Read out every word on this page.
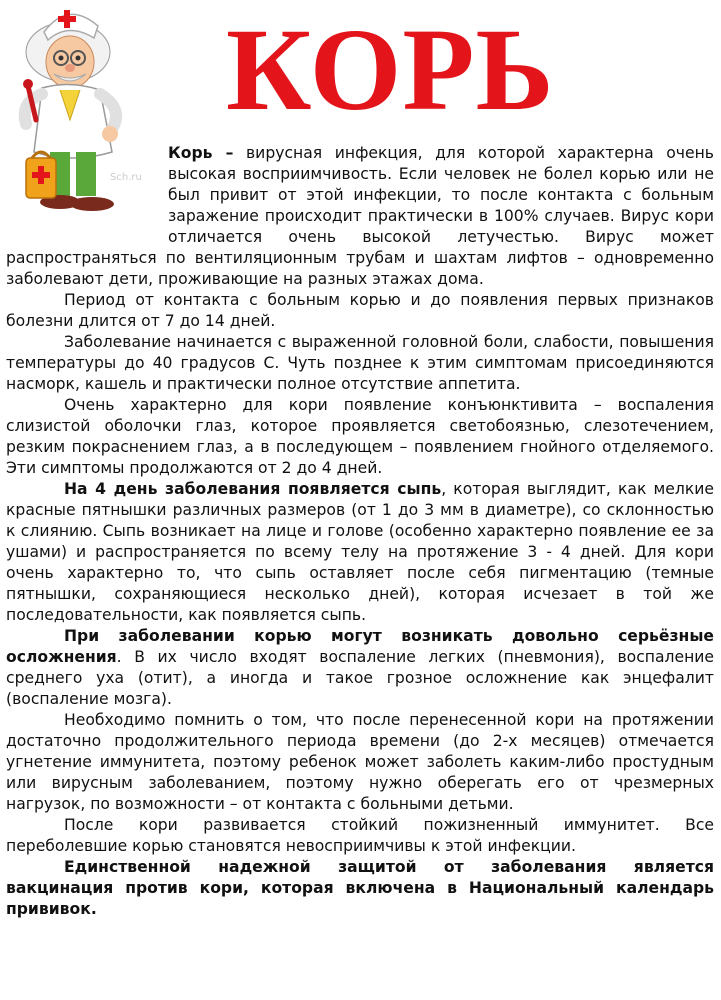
КОРЬ
Sch.ru

Корь – вирусная инфекция, для которой характерна очень высокая восприимчивость. Если человек не болел корью или не был привит от этой инфекции, то после контакта с больным заражение происходит практически в 100% случаев. Вирус кори отличается очень высокой летучестью. Вирус может распространяться по вентиляционным трубам и шахтам лифтов – одновременно заболевают дети, проживающие на разных этажах дома.

Период от контакта с больным корью и до появления первых признаков болезни длится от 7 до 14 дней.

Заболевание начинается с выраженной головной боли, слабости, повышения температуры до 40 градусов С. Чуть позднее к этим симптомам присоединяются насморк, кашель и практически полное отсутствие аппетита.

Очень характерно для кори появление конъюнктивита – воспаления слизистой оболочки глаз, которое проявляется светобоязнью, слезотечением, резким покраснением глаз, а в последующем – появлением гнойного отделяемого. Эти симптомы продолжаются от 2 до 4 дней.

На 4 день заболевания появляется сыпь, которая выглядит, как мелкие красные пятнышки различных размеров (от 1 до 3 мм в диаметре), со склонностью к слиянию. Сыпь возникает на лице и голове (особенно характерно появление ее за ушами) и распространяется по всему телу на протяжение 3 - 4 дней. Для кори очень характерно то, что сыпь оставляет после себя пигментацию (темные пятнышки, сохраняющиеся несколько дней), которая исчезает в той же последовательности, как появляется сыпь.

При заболевании корью могут возникать довольно серьёзные осложнения. В их число входят воспаление легких (пневмония), воспаление среднего уха (отит), а иногда и такое грозное осложнение как энцефалит (воспаление мозга).

Необходимо помнить о том, что после перенесенной кори на протяжении достаточно продолжительного периода времени (до 2-х месяцев) отмечается угнетение иммунитета, поэтому ребенок может заболеть каким-либо простудным или вирусным заболеванием, поэтому нужно оберегать его от чрезмерных нагрузок, по возможности – от контакта с больными детьми.

После кори развивается стойкий пожизненный иммунитет. Все переболевшие корью становятся невосприимчивы к этой инфекции.

Единственной надежной защитой от заболевания является вакцинация против кори, которая включена в Национальный календарь прививок.
